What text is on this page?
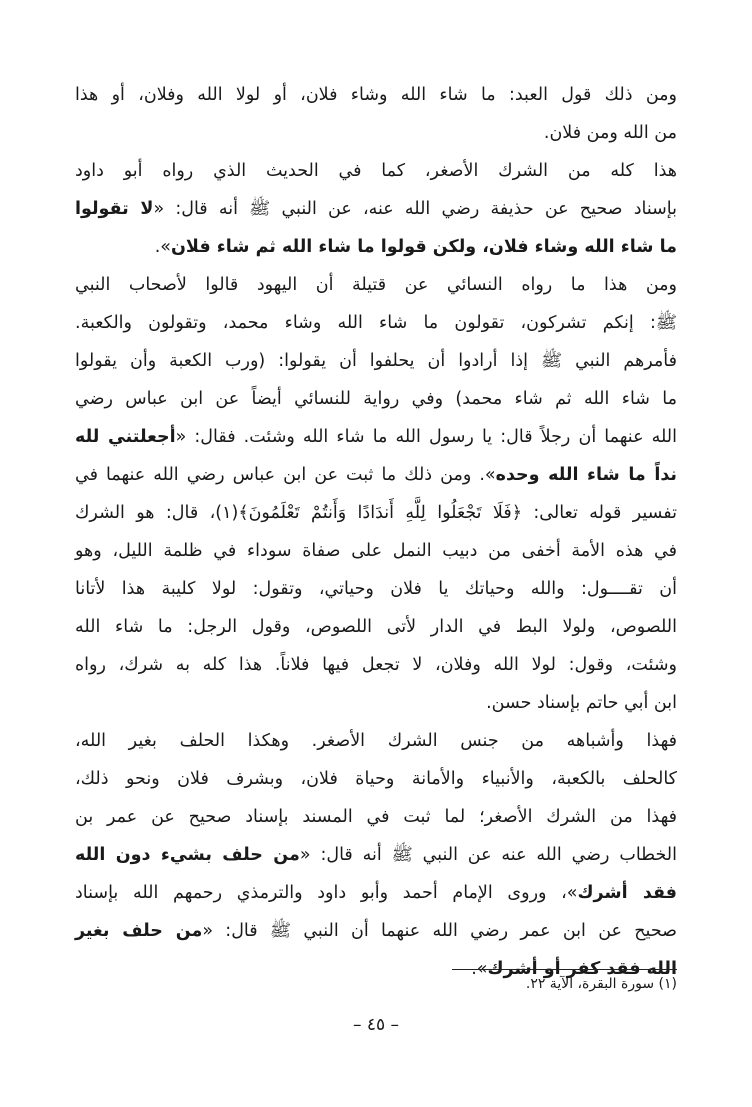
ومن ذلك قول العبد: ما شاء الله وشاء فلان، أو لولا الله وفلان، أو هذا
من الله ومن فلان.
هذا كله من الشرك الأصغر، كما في الحديث الذي رواه أبو داود
بإسناد صحيح عن حذيفة رضي الله عنه، عن النبي ﷺ أنه قال: «لا تقولوا
ما شاء الله وشاء فلان، ولكن قولوا ما شاء الله ثم شاء فلان».
ومن هذا ما رواه النسائي عن قتيلة أن اليهود قالوا لأصحاب النبي
ﷺ: إنكم تشركون، تقولون ما شاء الله وشاء محمد، وتقولون والكعبة.
فأمرهم النبي ﷺ إذا أرادوا أن يحلفوا أن يقولوا: (ورب الكعبة وأن يقولوا
ما شاء الله ثم شاء محمد) وفي رواية للنسائي أيضاً عن ابن عباس رضي
الله عنهما أن رجلاً قال: يا رسول الله ما شاء الله وشئت. فقال: «أجعلتني لله
نداً ما شاء الله وحده». ومن ذلك ما ثبت عن ابن عباس رضي الله عنهما في
تفسير قوله تعالى: ﴿فَلَا تَجْعَلُوا لِلَّهِ أَندَادًا وَأَنتُمْ تَعْلَمُونَ﴾(١)، قال: هو الشرك
في هذه الأمة أخفى من دبيب النمل على صفاة سوداء في ظلمة الليل، وهو
أن تقــــول: والله وحياتك يا فلان وحياتي، وتقول: لولا كليبة هذا لأتانا
اللصوص، ولولا البط في الدار لأتى اللصوص، وقول الرجل: ما شاء الله
وشئت، وقول: لولا الله وفلان، لا تجعل فيها فلاناً. هذا كله به شرك، رواه
ابن أبي حاتم بإسناد حسن.
فهذا وأشباهه من جنس الشرك الأصغر. وهكذا الحلف بغير الله،
كالحلف بالكعبة، والأنبياء والأمانة وحياة فلان، وبشرف فلان ونحو ذلك،
فهذا من الشرك الأصغر؛ لما ثبت في المسند بإسناد صحيح عن عمر بن
الخطاب رضي الله عنه عن النبي ﷺ أنه قال: «من حلف بشيء دون الله
فقد أشرك»، وروى الإمام أحمد وأبو داود والترمذي رحمهم الله بإسناد
صحيح عن ابن عمر رضي الله عنهما أن النبي ﷺ قال: «من حلف بغير
الله فقد كفر أو أشرك».
(١) سورة البقرة، الآية ٢٢.
– ٤٥ –
